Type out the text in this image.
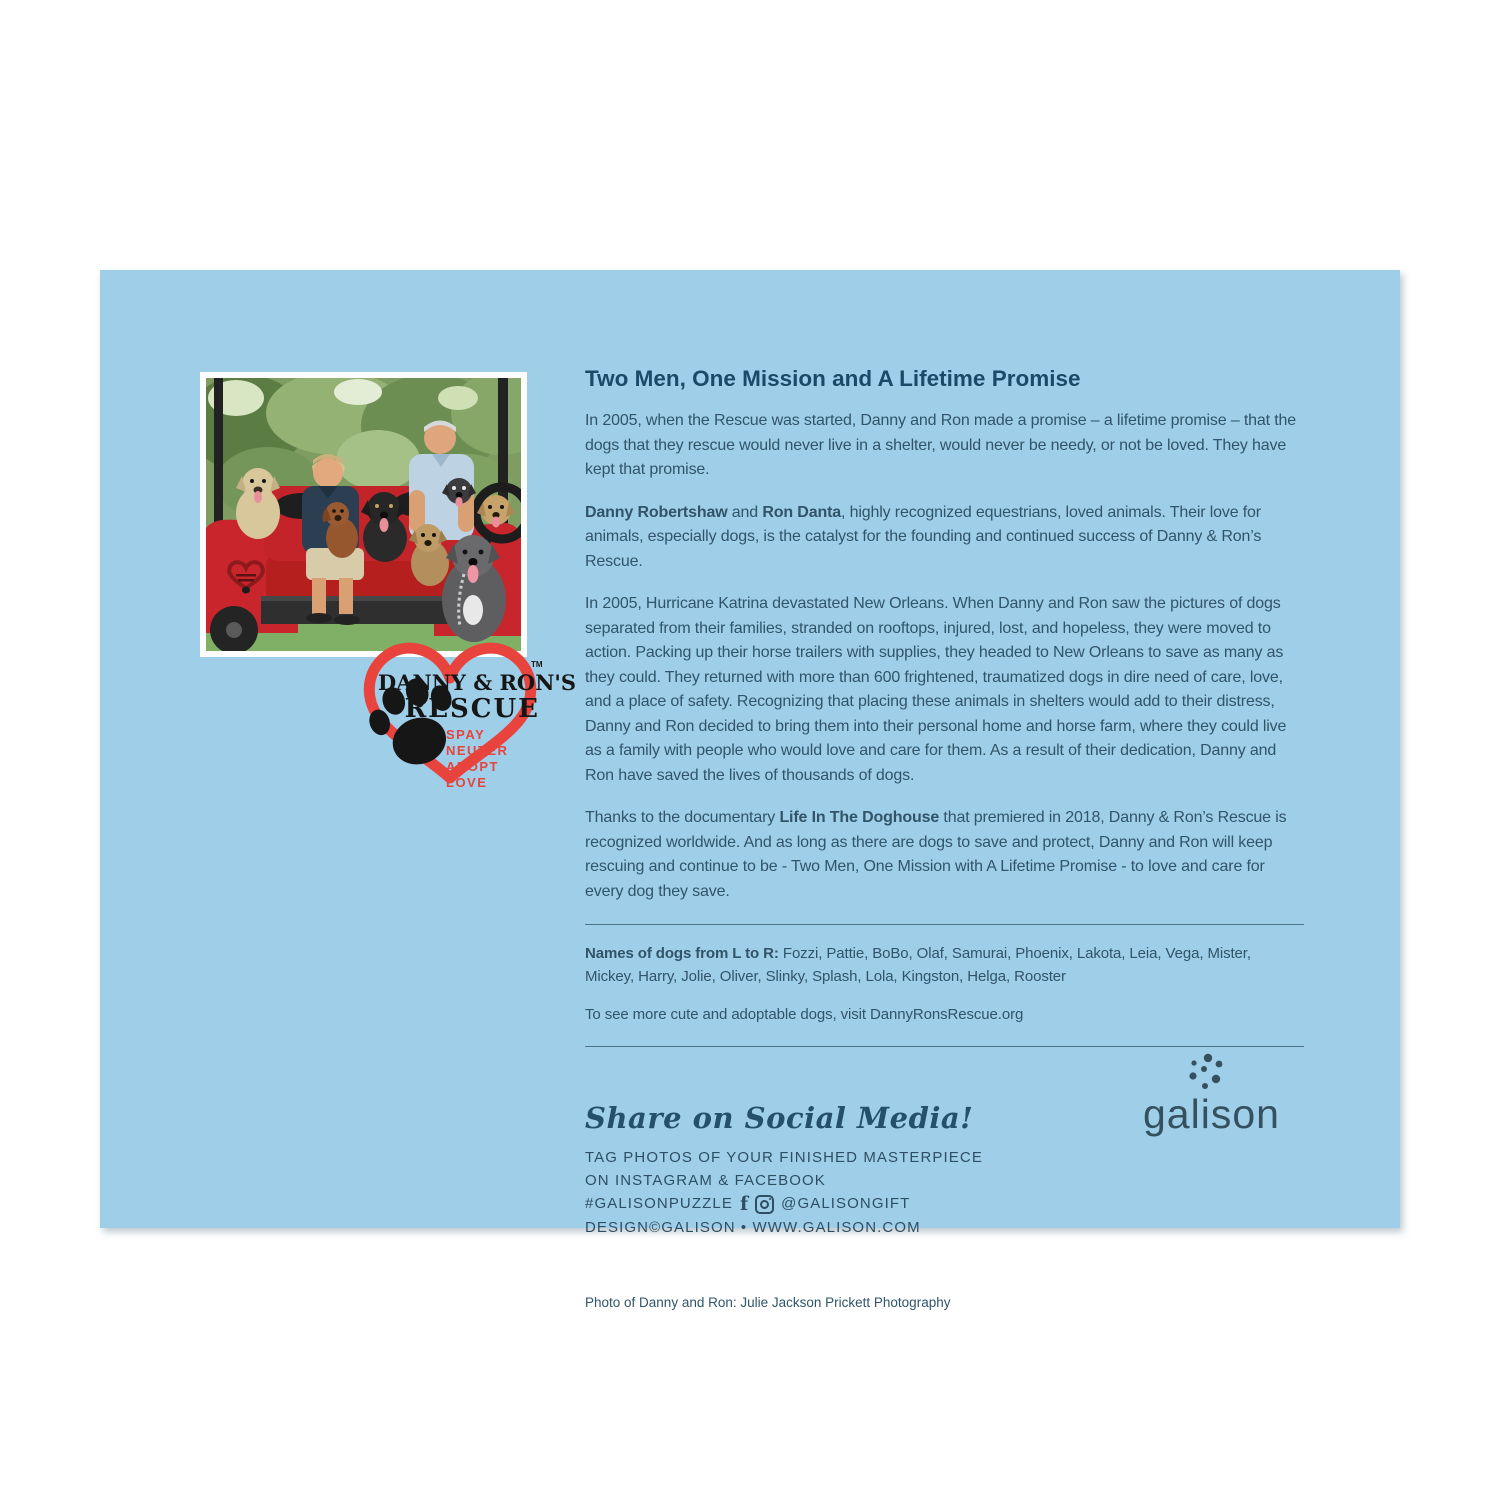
DANNY & RON'S
TM
RESCUE
SPAY
NEUTER
ADOPT
LOVE
Two Men, One Mission and A Lifetime Promise

In 2005, when the Rescue was started, Danny and Ron made a promise – a lifetime promise – that the dogs that they rescue would never live in a shelter, would never be needy, or not be loved. They have kept that promise.

Danny Robertshaw and Ron Danta, highly recognized equestrians, loved animals. Their love for animals, especially dogs, is the catalyst for the founding and continued success of Danny & Ron’s Rescue.

In 2005, Hurricane Katrina devastated New Orleans. When Danny and Ron saw the pictures of dogs separated from their families, stranded on rooftops, injured, lost, and hopeless, they were moved to action. Packing up their horse trailers with supplies, they headed to New Orleans to save as many as they could. They returned with more than 600 frightened, traumatized dogs in dire need of care, love, and a place of safety. Recognizing that placing these animals in shelters would add to their distress, Danny and Ron decided to bring them into their personal home and horse farm, where they could live as a family with people who would love and care for them. As a result of their dedication, Danny and Ron have saved the lives of thousands of dogs.

Thanks to the documentary Life In The Doghouse that premiered in 2018, Danny & Ron’s Rescue is recognized worldwide. And as long as there are dogs to save and protect, Danny and Ron will keep rescuing and continue to be - Two Men, One Mission with A Lifetime Promise - to love and care for every dog they save.

Names of dogs from L to R: Fozzi, Pattie, BoBo, Olaf, Samurai, Phoenix, Lakota, Leia, Vega, Mister, Mickey, Harry, Jolie, Oliver, Slinky, Splash, Lola, Kingston, Helga, Rooster

To see more cute and adoptable dogs, visit DannyRonsRescue.org

Share on Social Media!

TAG PHOTOS OF YOUR FINISHED MASTERPIECE

ON INSTAGRAM & FACEBOOK

#GALISONPUZZLE f @GALISONGIFT

DESIGN©GALISON • WWW.GALISON.COM

Photo of Danny and Ron: Julie Jackson Prickett Photography

galison
